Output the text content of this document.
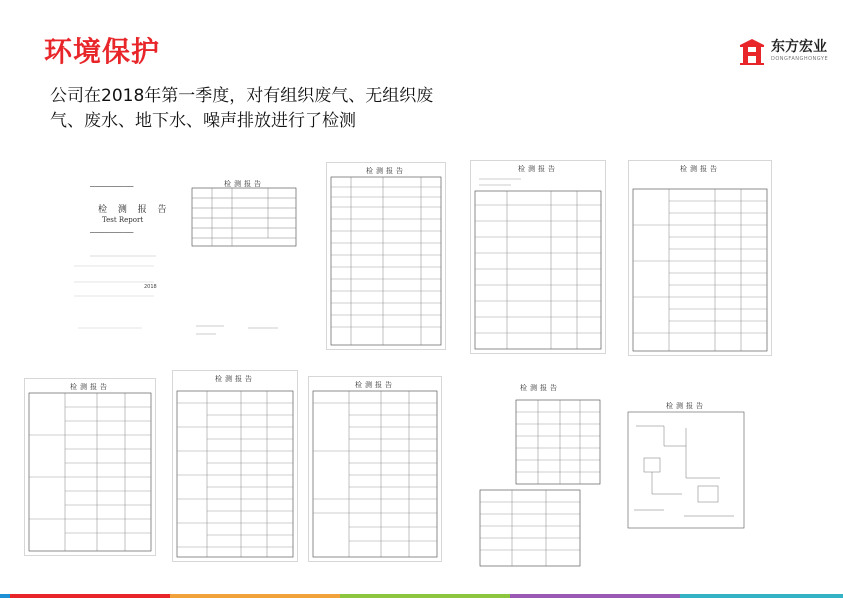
环境保护	东方宏业
DONGFANGHONGYE
公司在2018年第一季度，对有组织废气、无组织废气、废水、地下水、噪声排放进行了检测
━━━━━━━━━━━━━━━━━━
检 测 报 告
Test Report
━━━━━━━━━━━━━━━━━━
2018
检测报告
检测报告	检测报告	检测报告
检测报告
检测报告
检测报告	检测报告
检测报告
